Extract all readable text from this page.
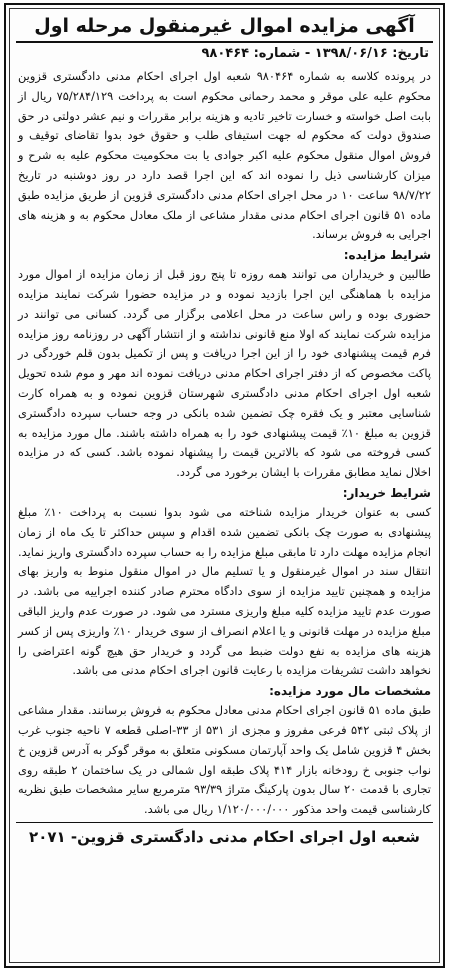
آگهی مزایده اموال غیرمنقول مرحله اول
تاریخ: ۱۳۹۸/۰۶/۱۶ - شماره: ۹۸۰۴۶۴

در پرونده کلاسه به شماره ۹۸۰۴۶۴ شعبه اول اجرای احکام مدنی دادگستری قزوین محکوم علیه علی موقر و محمد رحمانی محکوم است به پرداخت ۷۵/۲۸۴/۱۲۹ ریال از بابت اصل خواسته و خسارت تاخیر تادیه و هزینه برابر مقررات و نیم عشر دولتی در حق صندوق دولت که محکوم له جهت استیفای طلب و حقوق خود بدوا تقاضای توقیف و فروش اموال منقول محکوم علیه اکبر جوادی یا بت محکومیت محکوم علیه به شرح و میزان کارشناسی ذیل را نموده اند که این اجرا قصد دارد در روز دوشنبه در تاریخ ۹۸/۷/۲۲ ساعت ۱۰ در محل اجرای احکام مدنی دادگستری قزوین از طریق مزایده طبق ماده ۵۱ قانون اجرای احکام مدنی مقدار مشاعی از ملک معادل محکوم به و هزینه های اجرایی به فروش برساند.

شرایط مزایده:

طالبین و خریداران می توانند همه روزه تا پنج روز قبل از زمان مزایده از اموال مورد مزایده با هماهنگی این اجرا بازدید نموده و در مزایده حضورا شرکت نمایند مزایده حضوری بوده و راس ساعت در محل اعلامی برگزار می گردد. کسانی می توانند در مزایده شرکت نمایند که اولا منع قانونی نداشته و از انتشار آگهی در روزنامه روز مزایده فرم قیمت پیشنهادی خود را از این اجرا دریافت و پس از تکمیل بدون قلم خوردگی در پاکت مخصوص که از دفتر اجرای احکام مدنی دریافت نموده اند مهر و موم شده تحویل شعبه اول اجرای احکام مدنی دادگستری شهرستان قزوین نموده و به همراه کارت شناسایی معتبر و یک فقره چک تضمین شده بانکی در وجه حساب سپرده دادگستری قزوین به مبلغ ۱۰٪ قیمت پیشنهادی خود را به همراه داشته باشند. مال مورد مزایده به کسی فروخته می شود که بالاترین قیمت را پیشنهاد نموده باشد. کسی که در مزایده اخلال نماید مطابق مقررات با ایشان برخورد می گردد.

شرایط خریدار:

کسی به عنوان خریدار مزایده شناخته می شود بدوا نسبت به پرداخت ۱۰٪ مبلغ پیشنهادی به صورت چک بانکی تضمین شده اقدام و سپس حداکثر تا یک ماه از زمان انجام مزایده مهلت دارد تا مابقی مبلغ مزایده را به حساب سپرده دادگستری واریز نماید. انتقال سند در اموال غیرمنقول و یا تسلیم مال در اموال منقول منوط به واریز بهای مزایده و همچنین تایید مزایده از سوی دادگاه محترم صادر کننده اجراییه می باشد. در صورت عدم تایید مزایده کلیه مبلغ واریزی مسترد می شود. در صورت عدم واریز الباقی مبلغ مزایده در مهلت قانونی و یا اعلام انصراف از سوی خریدار ۱۰٪ واریزی پس از کسر هزینه های مزایده به نفع دولت ضبط می گردد و خریدار حق هیچ گونه اعتراضی را نخواهد داشت تشریفات مزایده با رعایت قانون اجرای احکام مدنی می باشد.

مشخصات مال مورد مزایده:

طبق ماده ۵۱ قانون اجرای احکام مدنی معادل محکوم به فروش برسانند. مقدار مشاعی از پلاک ثبتی ۵۴۲ فرعی مفروز و مجزی از ۵۳۱ از ۳۳-اصلی قطعه ۷ ناحیه جنوب غرب بخش ۴ قزوین شامل یک واحد آپارتمان مسکونی متعلق به موقر گوکر به آدرس قزوین خ نواب جنوبی خ رودخانه بازار ۴۱۴ پلاک طبقه اول شمالی در یک ساختمان ۲ طبقه روی تجاری با قدمت ۲۰ سال بدون پارکینگ متراژ ۹۳/۳۹ مترمربع سایر مشخصات طبق نظریه کارشناسی قیمت واحد مذکور ۱/۱۲۰/۰۰۰/۰۰۰ ریال می باشد.

شعبه اول اجرای احکام مدنی دادگستری قزوین- ۲۰۷۱
